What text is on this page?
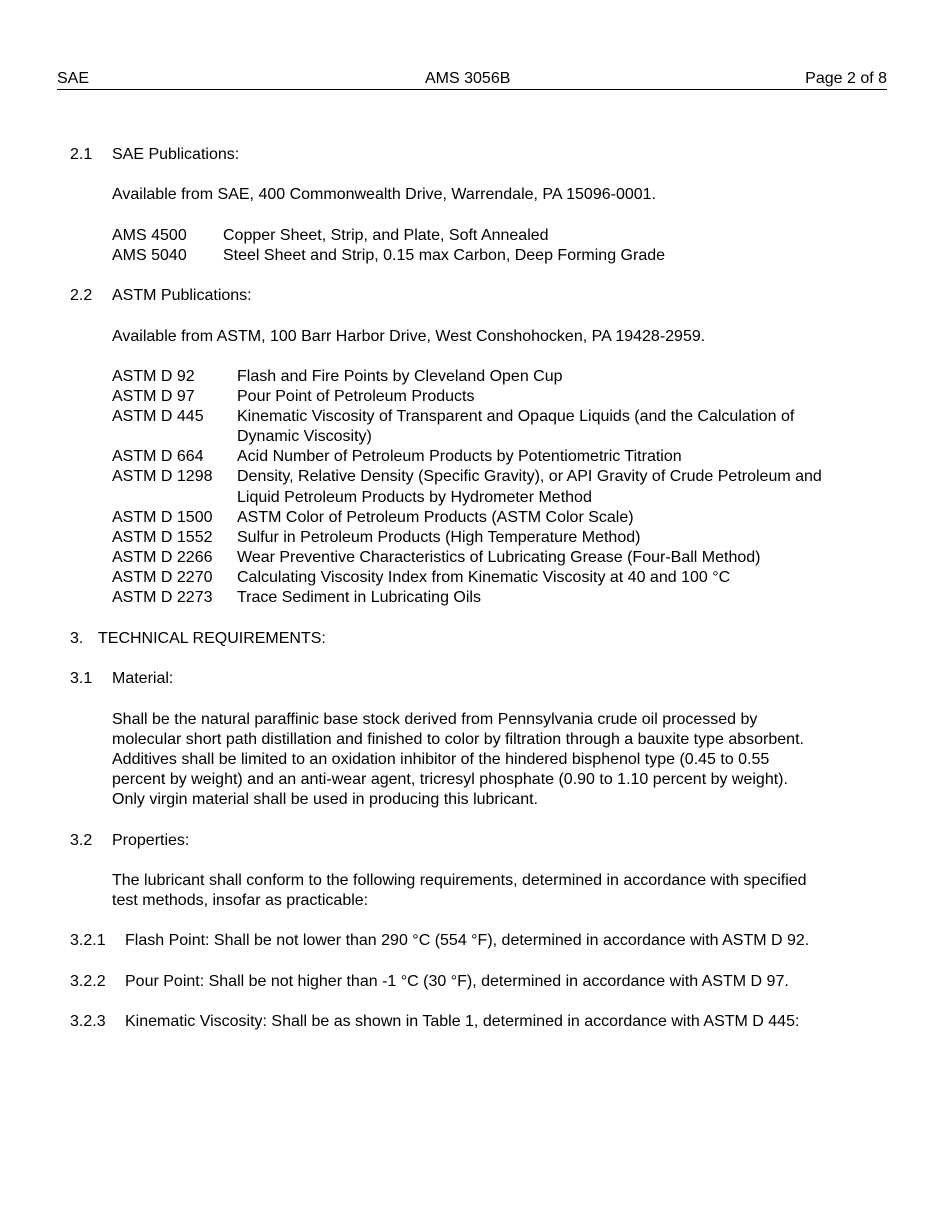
SAE	AMS 3056B	Page 2 of 8
2.1 SAE Publications:
Available from SAE, 400 Commonwealth Drive, Warrendale, PA 15096-0001.
AMS 4500	Copper Sheet, Strip, and Plate, Soft Annealed
AMS 5040	Steel Sheet and Strip, 0.15 max Carbon, Deep Forming Grade
2.2 ASTM Publications:
Available from ASTM, 100 Barr Harbor Drive, West Conshohocken, PA 19428-2959.
ASTM D 92	Flash and Fire Points by Cleveland Open Cup
ASTM D 97	Pour Point of Petroleum Products
ASTM D 445	Kinematic Viscosity of Transparent and Opaque Liquids (and the Calculation of
Dynamic Viscosity)
ASTM D 664	Acid Number of Petroleum Products by Potentiometric Titration
ASTM D 1298	Density, Relative Density (Specific Gravity), or API Gravity of Crude Petroleum and
Liquid Petroleum Products by Hydrometer Method
ASTM D 1500	ASTM Color of Petroleum Products (ASTM Color Scale)
ASTM D 1552	Sulfur in Petroleum Products (High Temperature Method)
ASTM D 2266	Wear Preventive Characteristics of Lubricating Grease (Four-Ball Method)
ASTM D 2270	Calculating Viscosity Index from Kinematic Viscosity at 40 and 100 °C
ASTM D 2273	Trace Sediment in Lubricating Oils
3. TECHNICAL REQUIREMENTS:
3.1 Material:
Shall be the natural paraffinic base stock derived from Pennsylvania crude oil processed by
molecular short path distillation and finished to color by filtration through a bauxite type absorbent.
Additives shall be limited to an oxidation inhibitor of the hindered bisphenol type (0.45 to 0.55
percent by weight) and an anti-wear agent, tricresyl phosphate (0.90 to 1.10 percent by weight).
Only virgin material shall be used in producing this lubricant.
3.2 Properties:
The lubricant shall conform to the following requirements, determined in accordance with specified
test methods, insofar as practicable:
3.2.1 Flash Point: Shall be not lower than 290 °C (554 °F), determined in accordance with ASTM D 92.
3.2.2 Pour Point: Shall be not higher than -1 °C (30 °F), determined in accordance with ASTM D 97.
3.2.3 Kinematic Viscosity: Shall be as shown in Table 1, determined in accordance with ASTM D 445:
